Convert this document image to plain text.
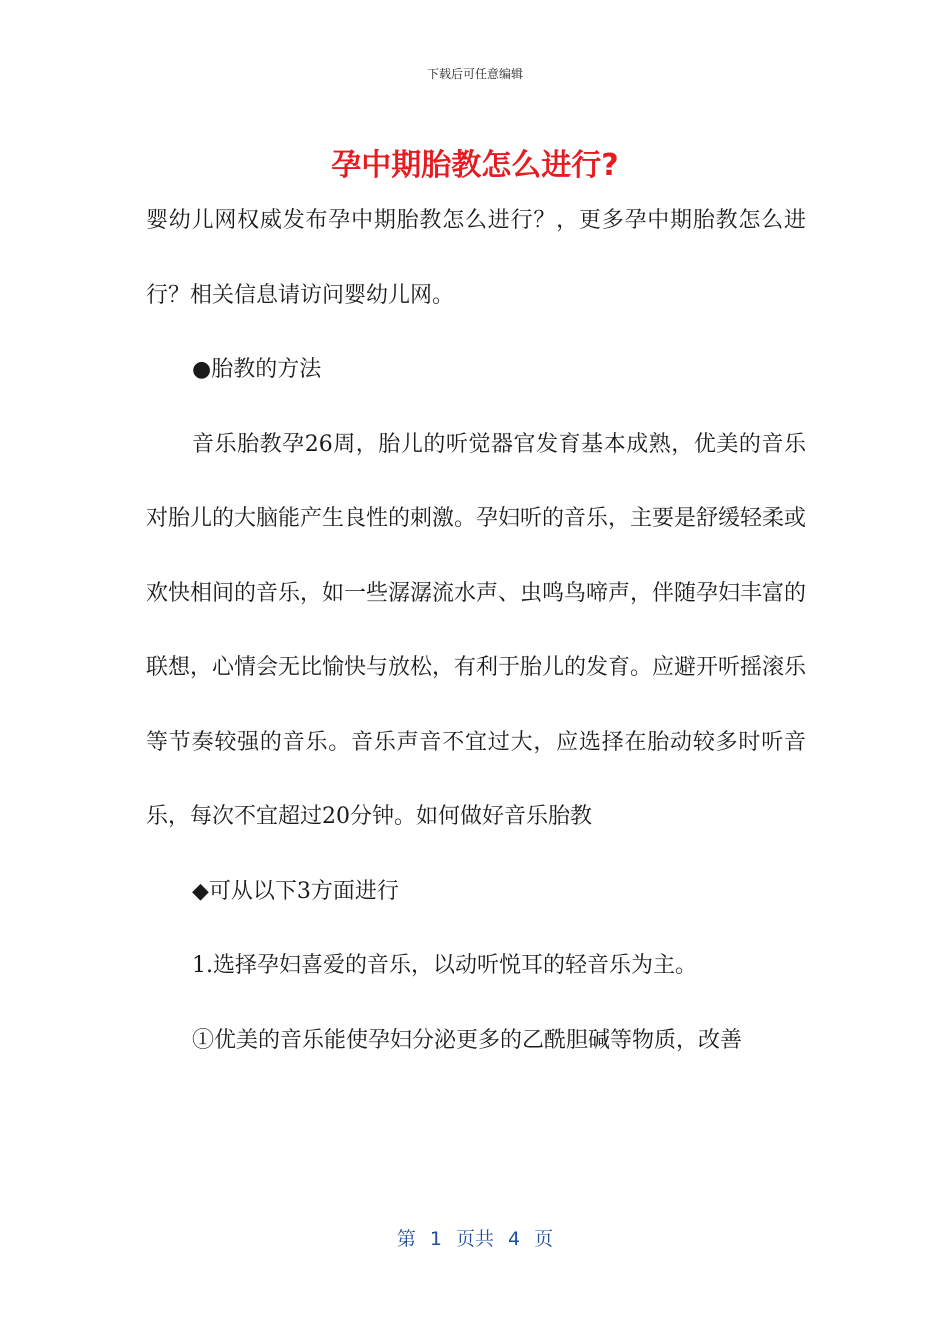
下载后可任意编辑
孕中期胎教怎么进行?

婴幼儿网权威发布孕中期胎教怎么进行？，更多孕中期胎教怎么进行？相关信息请访问婴幼儿网。

●胎教的方法

音乐胎教孕26周，胎儿的听觉器官发育基本成熟，优美的音乐对胎儿的大脑能产生良性的刺激。孕妇听的音乐，主要是舒缓轻柔或欢快相间的音乐，如一些潺潺流水声、虫鸣鸟啼声，伴随孕妇丰富的联想，心情会无比愉快与放松，有利于胎儿的发育。应避开听摇滚乐等节奏较强的音乐。音乐声音不宜过大，应选择在胎动较多时听音乐，每次不宜超过20分钟。如何做好音乐胎教

◆可从以下3方面进行

1.选择孕妇喜爱的音乐，以动听悦耳的轻音乐为主。

①优美的音乐能使孕妇分泌更多的乙酰胆碱等物质，改善

第 1 页共 4 页
